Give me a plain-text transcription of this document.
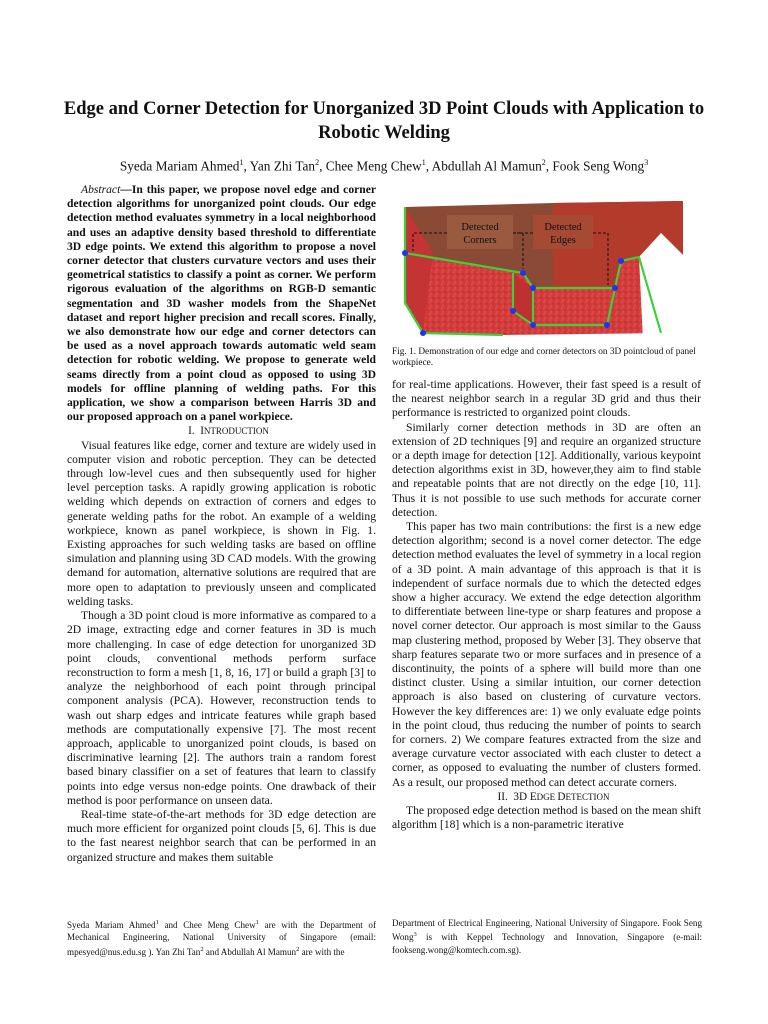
Edge and Corner Detection for Unorganized 3D Point Clouds with Application to Robotic Welding
Syeda Mariam Ahmed$^1$, Yan Zhi Tan$^2$, Chee Meng Chew$^1$, Abdullah Al Mamun$^2$, Fook Seng Wong$^3$

Abstract—In this paper, we propose novel edge and corner detection algorithms for unorganized point clouds. Our edge detection method evaluates symmetry in a local neighborhood and uses an adaptive density based threshold to differentiate 3D edge points. We extend this algorithm to propose a novel corner detector that clusters curvature vectors and uses their geometrical statistics to classify a point as corner. We perform rigorous evaluation of the algorithms on RGB-D semantic segmentation and 3D washer models from the ShapeNet dataset and report higher precision and recall scores. Finally, we also demonstrate how our edge and corner detectors can be used as a novel approach towards automatic weld seam detection for robotic welding. We propose to generate weld seams directly from a point cloud as opposed to using 3D models for offline planning of welding paths. For this application, we show a comparison between Harris 3D and our proposed approach on a panel workpiece.

I. INTRODUCTION

Visual features like edge, corner and texture are widely used in computer vision and robotic perception. They can be detected through low-level cues and then subsequently used for higher level perception tasks. A rapidly growing application is robotic welding which depends on extraction of corners and edges to generate welding paths for the robot. An example of a welding workpiece, known as panel workpiece, is shown in Fig. 1. Existing approaches for such welding tasks are based on offline simulation and planning using 3D CAD models. With the growing demand for automation, alternative solutions are required that are more open to adaptation to previously unseen and complicated welding tasks.

Though a 3D point cloud is more informative as compared to a 2D image, extracting edge and corner features in 3D is much more challenging. In case of edge detection for unorganized 3D point clouds, conventional methods perform surface reconstruction to form a mesh [1, 8, 16, 17] or build a graph [3] to analyze the neighborhood of each point through principal component analysis (PCA). However, reconstruction tends to wash out sharp edges and intricate features while graph based methods are computationally expensive [7]. The most recent approach, applicable to unorganized point clouds, is based on discriminative learning [2]. The authors train a random forest based binary classifier on a set of features that learn to classify points into edge versus non-edge points. One drawback of their method is poor performance on unseen data.

Real-time state-of-the-art methods for 3D edge detection are much more efficient for organized point clouds [5, 6]. This is due to the fast nearest neighbor search that can be performed in an organized structure and makes them suitable

Detected
Corners
Detected
Edges
Fig. 1. Demonstration of our edge and corner detectors on 3D pointcloud of panel workpiece.

for real-time applications. However, their fast speed is a result of the nearest neighbor search in a regular 3D grid and thus their performance is restricted to organized point clouds.

Similarly corner detection methods in 3D are often an extension of 2D techniques [9] and require an organized structure or a depth image for detection [12]. Additionally, various keypoint detection algorithms exist in 3D, however,they aim to find stable and repeatable points that are not directly on the edge [10, 11]. Thus it is not possible to use such methods for accurate corner detection.

This paper has two main contributions: the first is a new edge detection algorithm; second is a novel corner detector. The edge detection method evaluates the level of symmetry in a local region of a 3D point. A main advantage of this approach is that it is independent of surface normals due to which the detected edges show a higher accuracy. We extend the edge detection algorithm to differentiate between line-type or sharp features and propose a novel corner detector. Our approach is most similar to the Gauss map clustering method, proposed by Weber [3]. They observe that sharp features separate two or more surfaces and in presence of a discontinuity, the points of a sphere will build more than one distinct cluster. Using a similar intuition, our corner detection approach is also based on clustering of curvature vectors. However the key differences are: 1) we only evaluate edge points in the point cloud, thus reducing the number of points to search for corners. 2) We compare features extracted from the size and average curvature vector associated with each cluster to detect a corner, as opposed to evaluating the number of clusters formed. As a result, our proposed method can detect accurate corners.

II. 3D EDGE DETECTION

The proposed edge detection method is based on the mean shift algorithm [18] which is a non-parametric iterative

Syeda Mariam Ahmed$^1$ and Chee Meng Chew$^1$ are with the Department of Mechanical Engineering, National University of Singapore (email: mpesyed@nus.edu.sg ). Yan Zhi Tan$^2$ and Abdullah Al Mamun$^2$ are with the
Department of Electrical Engineering, National University of Singapore. Fook Seng Wong$^3$ is with Keppel Technology and Innovation, Singapore (e-mail: fookseng.wong@komtech.com.sg).
